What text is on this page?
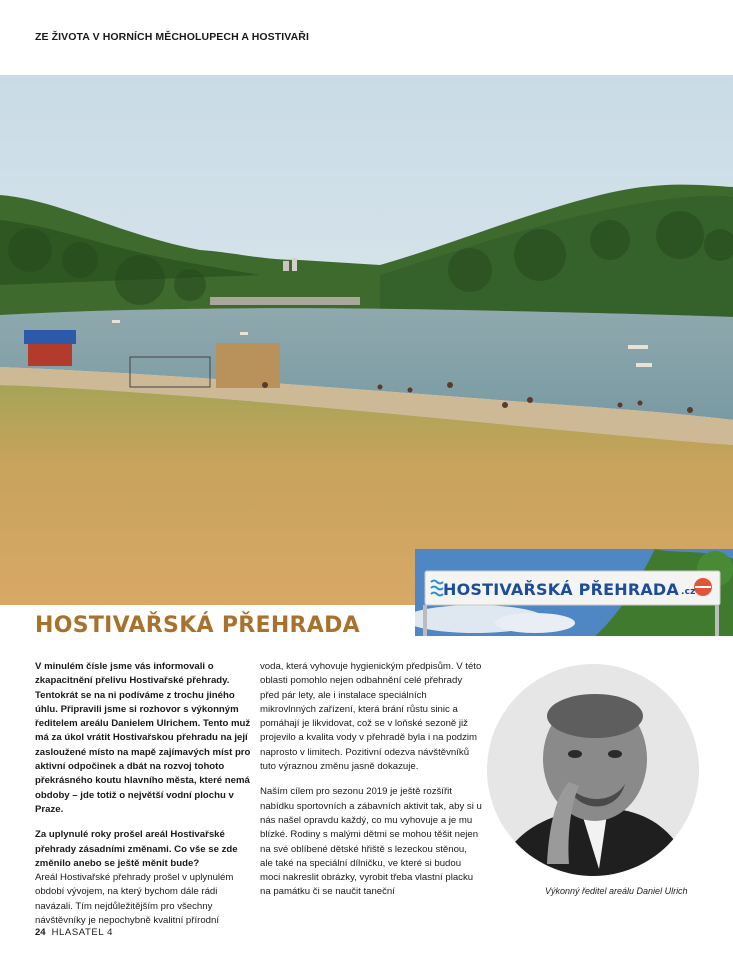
ZE ŽIVOTA V HORNÍCH MĚCHOLUPECH A HOSTIVAŘI
HOSTIVAŘSKÁ PŘEHRADA .cz
HOSTIVAŘSKÁ PŘEHRADA

V minulém čísle jsme vás informovali o zkapacitnění přelivu Hostivařské přehrady. Tentokrát se na ni podíváme z trochu jiného úhlu. Připravili jsme si rozhovor s výkonným ředitelem areálu Danielem Ulrichem. Tento muž má za úkol vrátit Hostivařskou přehradu na její zasloužené místo na mapě zajímavých míst pro aktivní odpočinek a dbát na rozvoj tohoto překrásného koutu hlavního města, které nemá obdoby – jde totiž o největší vodní plochu v Praze.

Za uplynulé roky prošel areál Hostivařské přehrady zásadními změnami. Co vše se zde změnilo anebo se ještě měnit bude?

Areál Hostivařské přehrady prošel v uplynulém období vývojem, na který bychom dále rádi navázali. Tím nejdůležitějším pro všechny návštěvníky je nepochybně kvalitní přírodní

voda, která vyhovuje hygienickým předpisům. V této oblasti pomohlo nejen odbahnění celé přehrady před pár lety, ale i instalace speciálních mikrovlnných zařízení, která brání růstu sinic a pomáhají je likvidovat, což se v loňské sezoně již projevilo a kvalita vody v přehradě byla i na podzim naprosto v limitech. Pozitivní odezva návštěvníků tuto výraznou změnu jasně dokazuje.

Naším cílem pro sezonu 2019 je ještě rozšířit nabídku sportovních a zábavních aktivit tak, aby si u nás našel opravdu každý, co mu vyhovuje a je mu blízké. Rodiny s malými dětmi se mohou těšit nejen na své oblíbené dětské hřiště s lezeckou stěnou, ale také na speciální dílničku, ve které si budou moci nakreslit obrázky, vyrobit třeba vlastní placku na památku či se naučit taneční	Výkonný ředitel areálu Daniel Ulrich
24 HLASATEL 4
